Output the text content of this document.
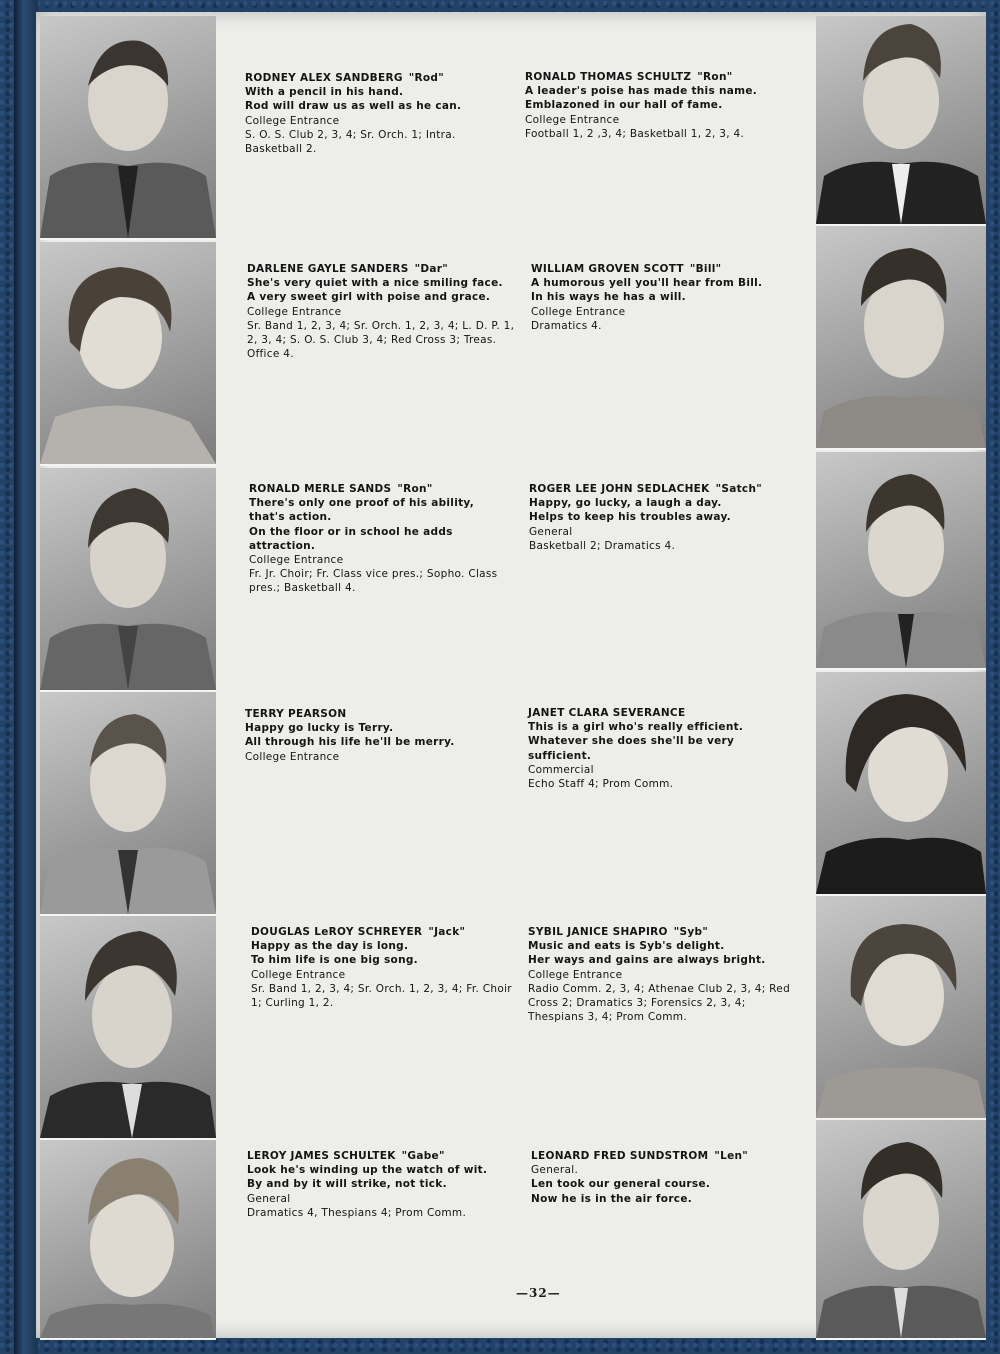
RODNEY ALEX SANDBERG "Rod"
With a pencil in his hand.
Rod will draw us as well as he can.
College Entrance
S. O. S. Club 2, 3, 4; Sr. Orch. 1; Intra. Basketball 2.
DARLENE GAYLE SANDERS "Dar"
She's very quiet with a nice smiling face.
A very sweet girl with poise and grace.
College Entrance
Sr. Band 1, 2, 3, 4; Sr. Orch. 1, 2, 3, 4; L. D. P. 1, 2, 3, 4; S. O. S. Club 3, 4; Red Cross 3; Treas. Office 4.
RONALD MERLE SANDS "Ron"
There's only one proof of his ability,
that's action.
On the floor or in school he adds
attraction.
College Entrance
Fr. Jr. Choir; Fr. Class vice pres.; Sopho. Class pres.; Basketball 4.
TERRY PEARSON
Happy go lucky is Terry.
All through his life he'll be merry.
College Entrance
DOUGLAS LeROY SCHREYER "Jack"
Happy as the day is long.
To him life is one big song.
College Entrance
Sr. Band 1, 2, 3, 4; Sr. Orch. 1, 2, 3, 4; Fr. Choir 1; Curling 1, 2.
LEROY JAMES SCHULTEK "Gabe"
Look he's winding up the watch of wit.
By and by it will strike, not tick.
General
Dramatics 4, Thespians 4; Prom Comm.
RONALD THOMAS SCHULTZ "Ron"
A leader's poise has made this name.
Emblazoned in our hall of fame.
College Entrance
Football 1, 2 ,3, 4; Basketball 1, 2, 3, 4.
WILLIAM GROVEN SCOTT "Bill"
A humorous yell you'll hear from Bill.
In his ways he has a will.
College Entrance
Dramatics 4.
ROGER LEE JOHN SEDLACHEK "Satch"
Happy, go lucky, a laugh a day.
Helps to keep his troubles away.
General
Basketball 2; Dramatics 4.
JANET CLARA SEVERANCE
This is a girl who's really efficient.
Whatever she does she'll be very
sufficient.
Commercial
Echo Staff 4; Prom Comm.
SYBIL JANICE SHAPIRO "Syb"
Music and eats is Syb's delight.
Her ways and gains are always bright.
College Entrance
Radio Comm. 2, 3, 4; Athenae Club 2, 3, 4; Red Cross 2; Dramatics 3; Forensics 2, 3, 4; Thespians 3, 4; Prom Comm.
LEONARD FRED SUNDSTROM "Len"
General.
Len took our general course.
Now he is in the air force.
—32—
